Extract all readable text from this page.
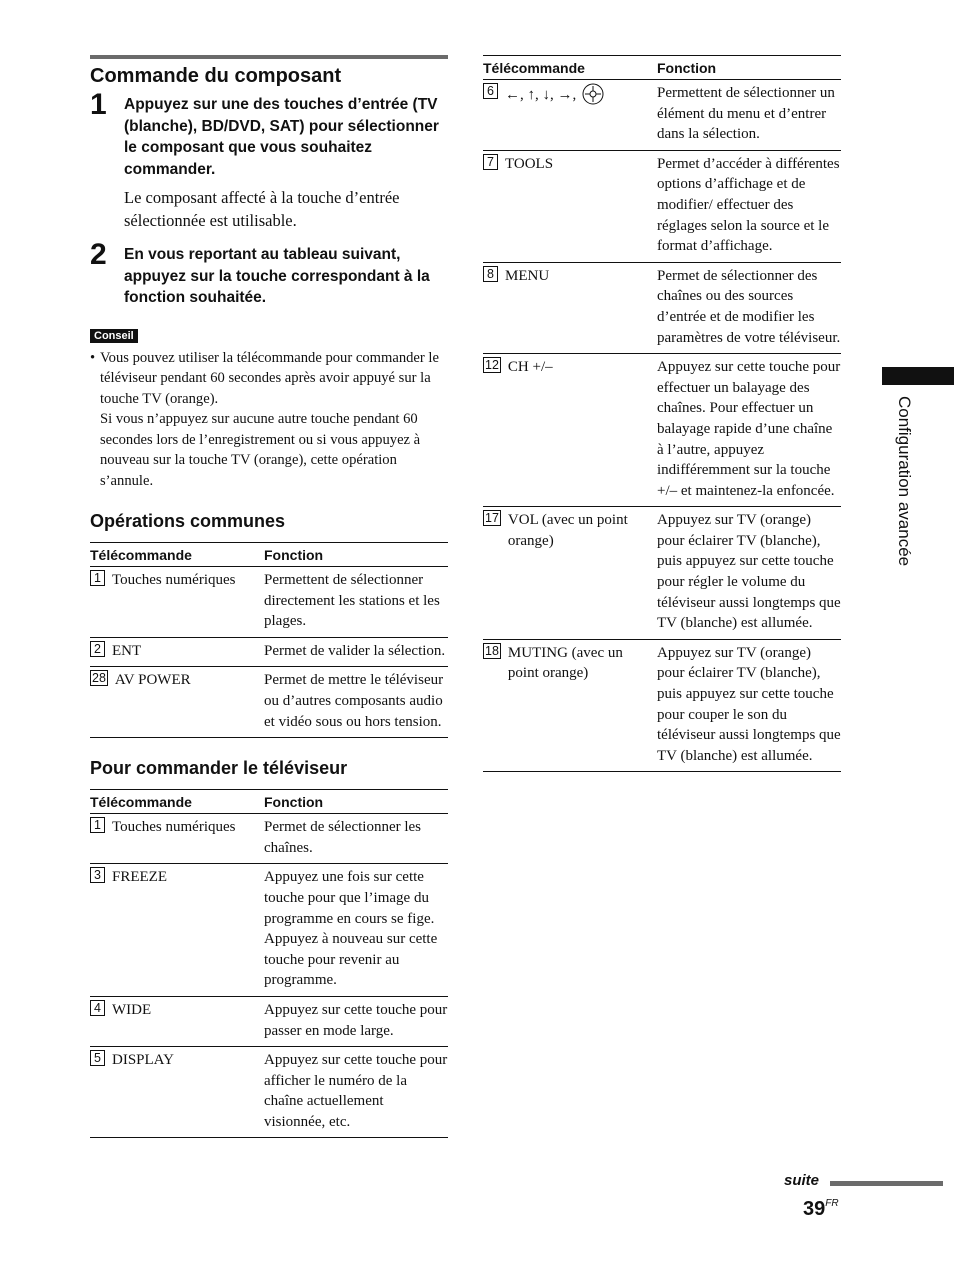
Commande du composant
1 Appuyez sur une des touches d’entrée (TV (blanche), BD/DVD, SAT) pour sélectionner le composant que vous souhaitez commander.
Le composant affecté à la touche d’entrée sélectionnée est utilisable.
2 En vous reportant au tableau suivant, appuyez sur la touche correspondant à la fonction souhaitée.
Conseil
• Vous pouvez utiliser la télécommande pour commander le téléviseur pendant 60 secondes après avoir appuyé sur la touche TV (orange).
Si vous n’appuyez sur aucune autre touche pendant 60 secondes lors de l’enregistrement ou si vous appuyez à nouveau sur la touche TV (orange), cette opération s’annule.
Opérations communes
Télécommande	Fonction

1 Touches numériques	Permettent de sélectionner directement les stations et les plages.

2 ENT	Permet de valider la sélection.

28 AV POWER	Permet de mettre le téléviseur ou d’autres composants audio et vidéo sous ou hors tension.
Pour commander le téléviseur
Télécommande	Fonction

1 Touches numériques	Permet de sélectionner les chaînes.

3 FREEZE	Appuyez une fois sur cette touche pour que l’image du programme en cours se fige. Appuyez à nouveau sur cette touche pour revenir au programme.

4 WIDE	Appuyez sur cette touche pour passer en mode large.

5 DISPLAY	Appuyez sur cette touche pour afficher le numéro de la chaîne actuellement visionnée, etc.
Télécommande	Fonction

6 ←, ↑, ↓, →,	Permettent de sélectionner un élément du menu et d’entrer dans la sélection.

7 TOOLS	Permet d’accéder à différentes options d’affichage et de modifier/ effectuer des réglages selon la source et le format d’affichage.

8 MENU	Permet de sélectionner des chaînes ou des sources d’entrée et de modifier les paramètres de votre téléviseur.

12 CH +/–	Appuyez sur cette touche pour effectuer un balayage des chaînes. Pour effectuer un balayage rapide d’une chaîne à l’autre, appuyez indifféremment sur la touche +/– et maintenez-la enfoncée.

17 VOL (avec un point orange)	Appuyez sur TV (orange) pour éclairer TV (blanche), puis appuyez sur cette touche pour régler le volume du téléviseur aussi longtemps que TV (blanche) est allumée.

18 MUTING (avec un point orange)	Appuyez sur TV (orange) pour éclairer TV (blanche), puis appuyez sur cette touche pour couper le son du téléviseur aussi longtemps que TV (blanche) est allumée.
Configuration avancée
suite
$39^{FR}$
